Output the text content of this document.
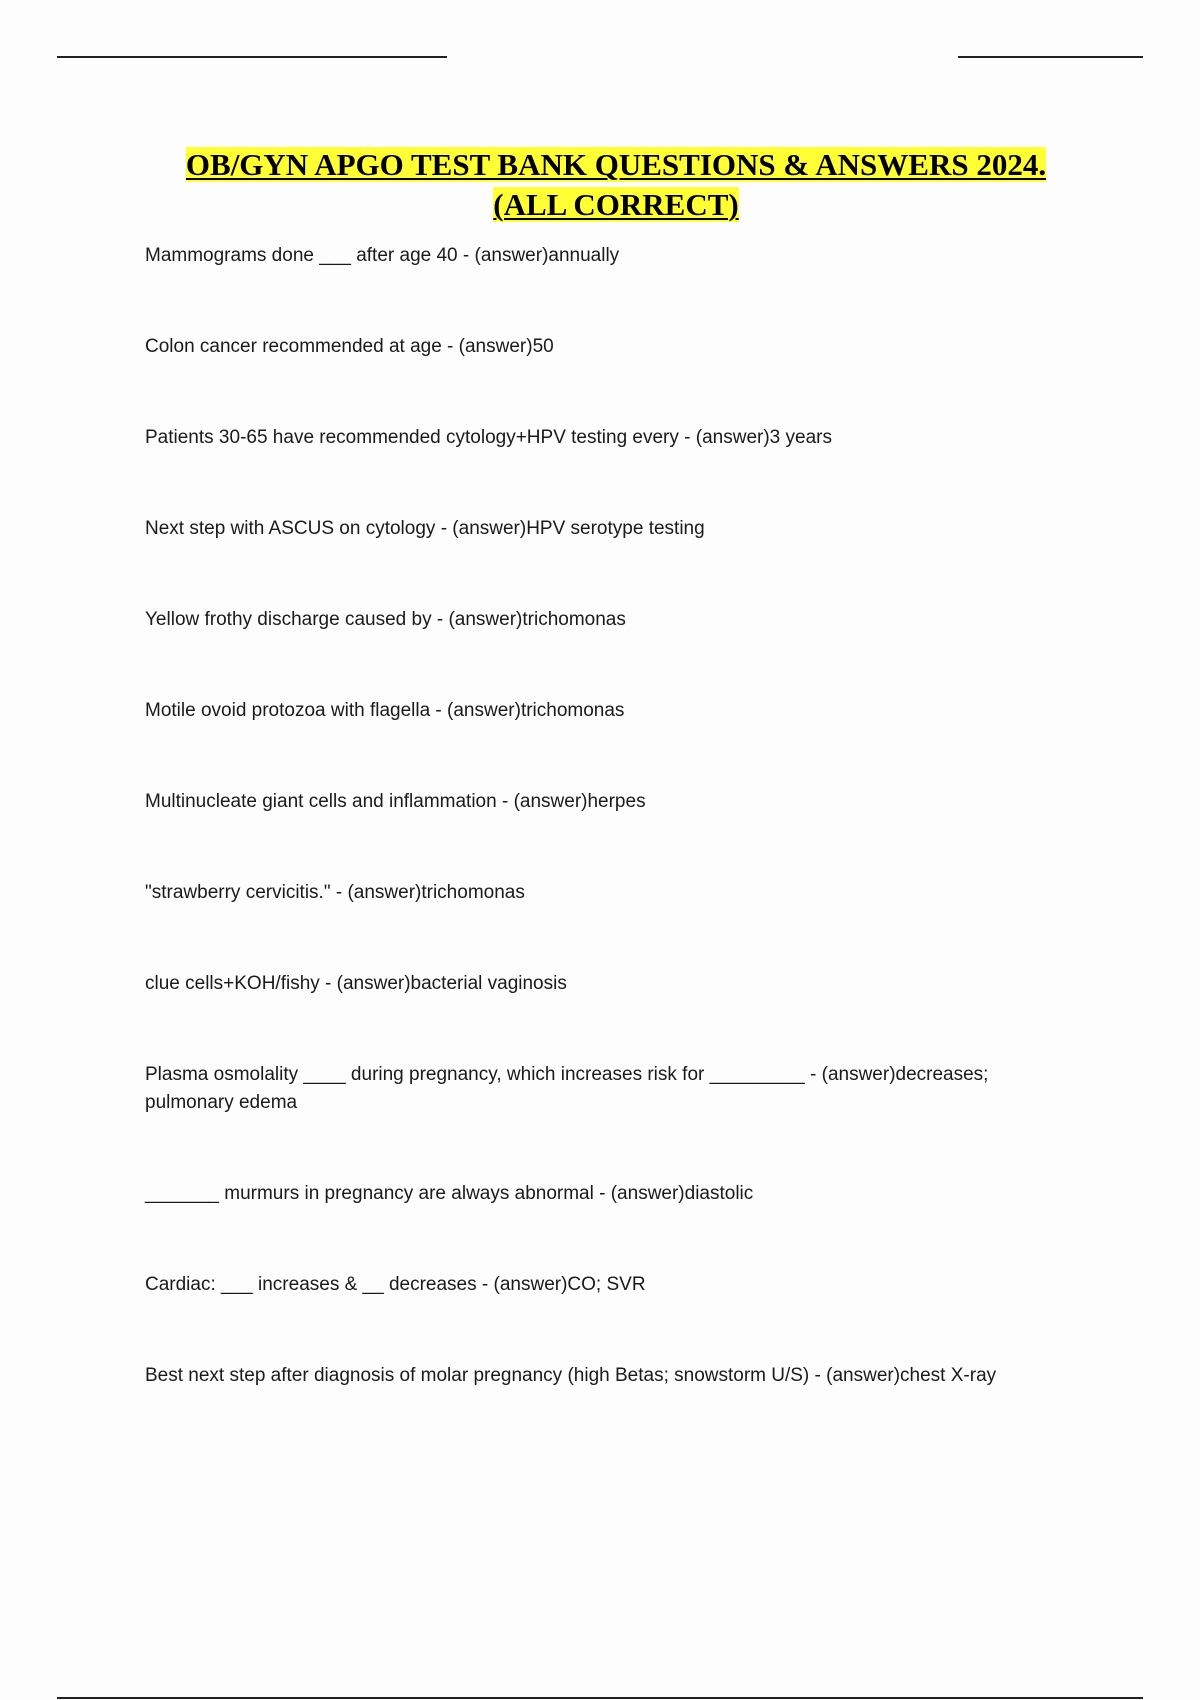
OB/GYN APGO TEST BANK QUESTIONS & ANSWERS 2024.
(ALL CORRECT)

Mammograms done ___ after age 40 - (answer)annually

Colon cancer recommended at age - (answer)50

Patients 30-65 have recommended cytology+HPV testing every - (answer)3 years

Next step with ASCUS on cytology - (answer)HPV serotype testing

Yellow frothy discharge caused by - (answer)trichomonas

Motile ovoid protozoa with flagella - (answer)trichomonas

Multinucleate giant cells and inflammation - (answer)herpes

"strawberry cervicitis." - (answer)trichomonas

clue cells+KOH/fishy - (answer)bacterial vaginosis

Plasma osmolality ____ during pregnancy, which increases risk for _________ - (answer)decreases; pulmonary edema

_______ murmurs in pregnancy are always abnormal - (answer)diastolic

Cardiac: ___ increases & __ decreases - (answer)CO; SVR

Best next step after diagnosis of molar pregnancy (high Betas; snowstorm U/S) - (answer)chest X-ray
